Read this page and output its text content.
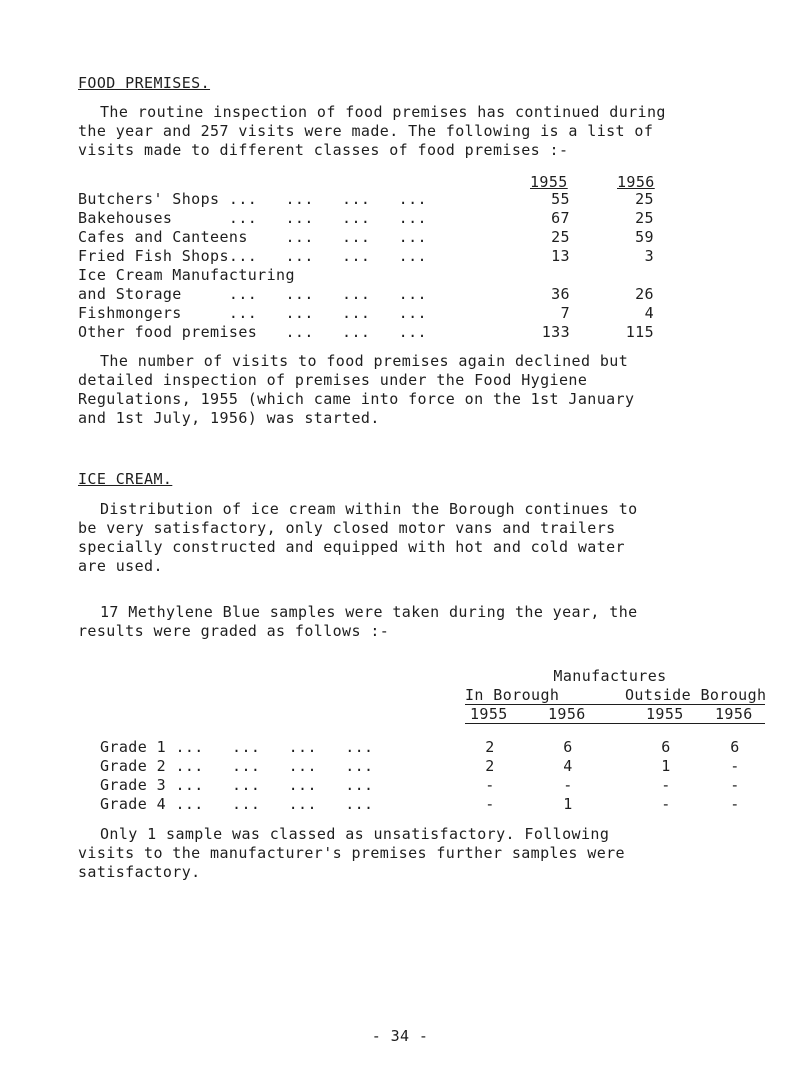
FOOD PREMISES.
The routine inspection of food premises has continued during
the year and 257 visits were made. The following is a list of
visits made to different classes of food premises :-
1955	1956
Butchers' Shops ...   ...   ...   ...	55	25
Bakehouses      ...   ...   ...   ...	67	25
Cafes and Canteens    ...   ...   ...	25	59
Fried Fish Shops...   ...   ...   ...	13	3
Ice Cream Manufacturing
and Storage     ...   ...   ...   ...	36	26
Fishmongers     ...   ...   ...   ...	7	4
Other food premises   ...   ...   ...	133	115
The number of visits to food premises again declined but
detailed inspection of premises under the Food Hygiene
Regulations, 1955 (which came into force on the 1st January
and 1st July, 1956) was started.
ICE CREAM.
Distribution of ice cream within the Borough continues to
be very satisfactory, only closed motor vans and trailers
specially constructed and equipped with hot and cold water
are used.
17 Methylene Blue samples were taken during the year, the
results were graded as follows :-
Manufactures
In Borough	Outside Borough
1955	1956	1955 1956
Grade 1 ...   ...   ...   ...	2	6	6	6
Grade 2 ...   ...   ...   ...	2	4	1	-
Grade 3 ...   ...   ...   ...	-	-	-	-
Grade 4 ...   ...   ...   ...	-	1	-	-
Only 1 sample was classed as unsatisfactory. Following
visits to the manufacturer's premises further samples were
satisfactory.
- 34 -
